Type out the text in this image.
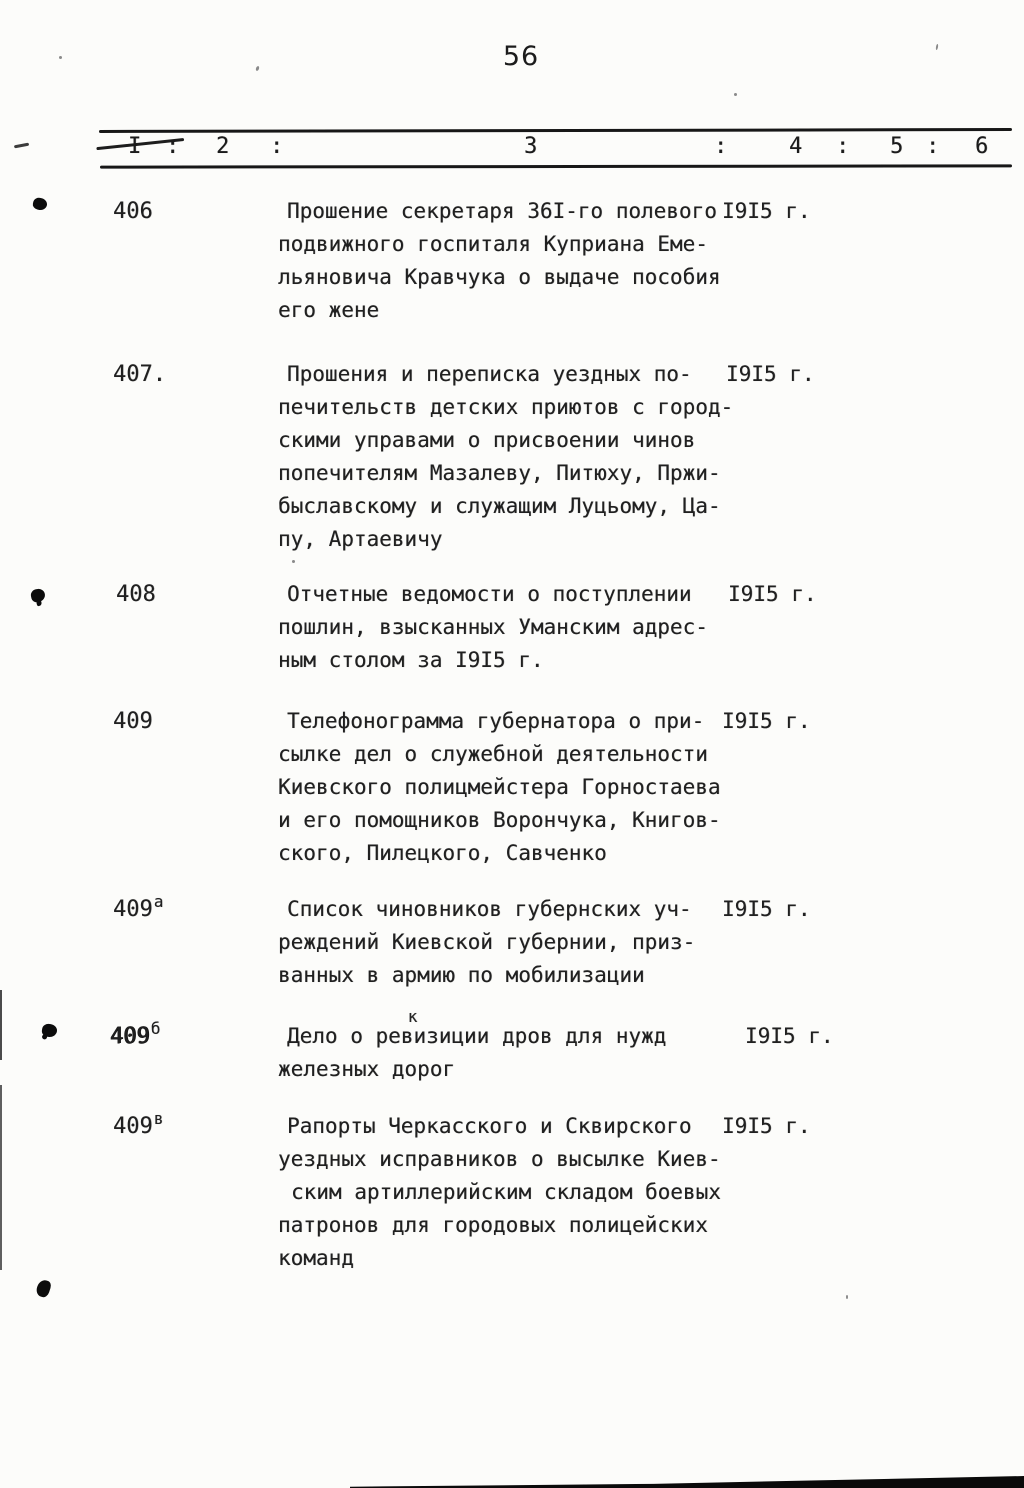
56
I : 2 :	3	:	4 : 5 : 6
406	Прошение секретаря 36I-го полевого
подвижного госпиталя Куприана Еме-
льяновича Кравчука о выдаче пособия
его жене
I9I5 г.
407.	Прошения и переписка уездных по-
печительств детских приютов с город-
скими управами о присвоении чинов
попечителям Мазалеву, Питюху, Пржи-
быславскому и служащим Луцьому, Ца-
пу, Артаевичу
I9I5 г.
408	Отчетные ведомости о поступлении
пошлин, взысканных Уманским адрес-
ным столом за I9I5 г.
I9I5 г.
409	Телефонограмма губернатора о при-
сылке дел о служебной деятельности
Киевского полицмейстера Горностаева
и его помощников Ворончука, Книгов-
ского, Пилецкого, Савченко
I9I5 г.
$409^а$	Список чиновников губернских уч-
реждений Киевской губернии, приз-
ванных в армию по мобилизации
I9I5 г.
$409^б$	Дело о ре
к
визиции дров для нужд
железных дорог
I9I5 г.
$409^в$	Рапорты Черкасского и Сквирского
уездных исправников о высылке Киев-
ским артиллерийским складом боевых
патронов для городовых полицейских
команд
I9I5 г.
